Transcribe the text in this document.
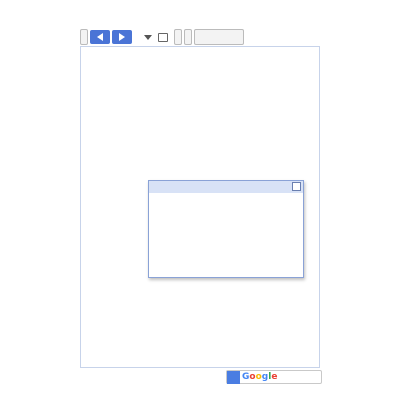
Google
